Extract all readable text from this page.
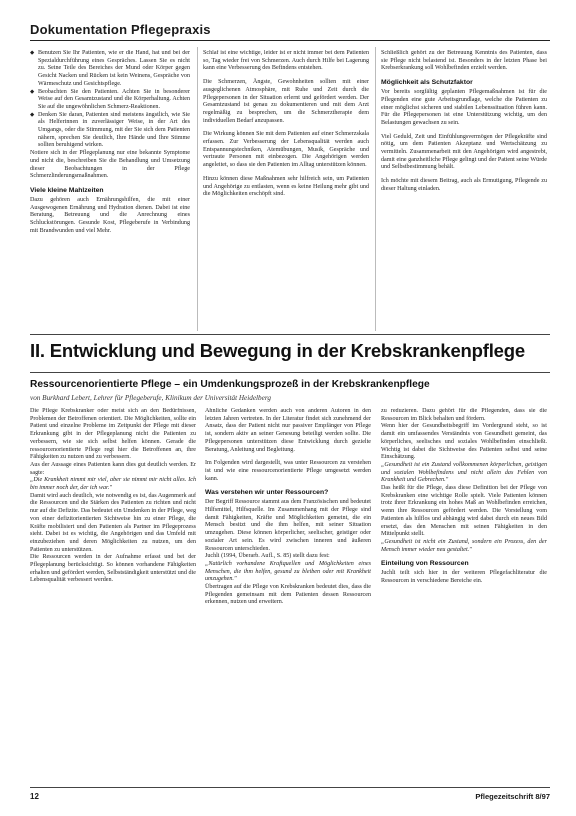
Dokumentation Pflegepraxis
◆ Benutzen Sie Ihr Patienten, wie er die Hand, hat und bei der Spezialdurchführung eines Gespräches. Lassen Sie es nicht zu. Seine Teile des Bereiches der Mund oder Körper gegen Gesicht Nacken und Rücken ist kein Weinens, Gespräche von Wärmeschutz und Gesichtspflege.
◆ Beobachten Sie den Patienten. Achten Sie in besonderer Weise auf den Gesamtzustand und die Körperhaltung. Achten Sie auf die ungewöhnlichen Schmerz-Reaktionen.
◆ Denken Sie daran, Patienten sind meistens ängstlich, wie Sie als Helferinnen in zuverlässiger Weise, in der Art des Umgangs, oder die Stimmung, mit der Sie sich dem Patienten nähern, sprechen Sie deutlich, Ihre Hände und Ihre Stimme sollten beruhigend wirken.

Notiere sich in der Pflegeplanung nur eine bekannte Symptome und nicht die, beschreiben Sie die Behandlung und Umsetzung dieser Beobachtungen in der Pflege Schmerzlinderungsmaßnahmen.

Viele kleine Mahlzeiten

Dazu gehören auch Ernährungshilfen, die mit einer Ausgewogenen Ernährung und Hydration dienen. Dabei ist eine Beratung, Betreuung und die Anrechnung eines Schluckstörungen. Gesunde Kost, Pflegeberufe in Verbindung mit Brandwunden und viel Mehr.

Schlaf ist eine wichtige, leider ist er nicht immer bei dem Patienten so, Tag wieder frei von Schmerzen. Auch durch Hilfe bei Lagerung kann eine Verbesserung des Befindens entstehen.

Die Schmerzen, Ängste, Gewohnheiten sollten mit einer ausgeglichenen Atmosphäre, mit Ruhe und Zeit durch die Pflegepersonen in der Situation erlernt und gefördert werden. Der Gesamtzustand ist genau zu dokumentieren und mit dem Arzt regelmäßig zu besprechen, um die Schmerztherapie dem individuellen Bedarf anzupassen.

Die Wirkung können Sie mit dem Patienten auf einer Schmerzskala erfassen. Zur Verbesserung der Lebensqualität werden auch Entspannungstechniken, Atemübungen, Musik, Gespräche und vertraute Personen mit einbezogen. Die Angehörigen werden angeleitet, so dass sie den Patienten im Alltag unterstützen können.

Hinzu können diese Maßnahmen sehr hilfreich sein, um Patienten und Angehörige zu entlasten, wenn es keine Heilung mehr gibt und die Möglichkeiten erschöpft sind.

Schließlich gehört zu der Betreuung Kenntnis des Patienten, dass sie Pflege nicht belastend ist. Besonders in der letzten Phase bei Krebserkrankung soll Wohlbefinden erzielt werden.

Möglichkeit als Schutzfaktor

Vor bereits sorgfältig geplanten Pflegemaßnahmen ist für die Pflegenden eine gute Arbeitsgrundlage, welche die Patienten zu einer möglichst sicheren und stabilen Lebenssituation führen kann. Für die Pflegepersonen ist eine Unterstützung wichtig, um den Belastungen gewachsen zu sein.

Viel Geduld, Zeit und Einfühlungsvermögen der Pflegekräfte sind nötig, um dem Patienten Akzeptanz und Wertschätzung zu vermitteln. Zusammenarbeit mit den Angehörigen wird angestrebt, damit eine ganzheitliche Pflege gelingt und der Patient seine Würde und Selbstbestimmung behält.

Ich möchte mit diesem Beitrag, auch als Ermutigung, Pflegende zu dieser Haltung einladen.

II. Entwicklung und Bewegung in der Krebskrankenpflege
Ressourcenorientierte Pflege – ein Umdenkungsprozeß in der Krebskrankenpflege
von Burkhard Lebert, Lehrer für Pflegeberufe, Klinikum der Universität Heidelberg

Die Pflege Krebskranker oder meist sich an den Bedürfnissen, Problemen der Betroffenen orientiert. Die Möglichkeiten, sollte ein Patient und einzelne Probleme im Zeitpunkt der Pflege mit dieser Erkrankung gibt in der Pflegeplanung nicht die Patienten zu verbessern, wie sie sich selbst helfen können. Gerade die ressourcenorientierte Pflege regt hier die Betroffenen an, ihre Fähigkeiten zu nutzen und zu verbessern.

Aus der Aussage eines Patienten kann dies gut deutlich werden. Er sagte:

„Die Krankheit nimmt mir viel, aber sie nimmt mir nicht alles. Ich bin immer noch der, der ich war."

Damit wird auch deutlich, wie notwendig es ist, das Augenmerk auf die Ressourcen und die Stärken des Patienten zu richten und nicht nur auf die Defizite. Das bedeutet ein Umdenken in der Pflege, weg von einer defizitorientierten Sichtweise hin zu einer Pflege, die Kräfte mobilisiert und den Patienten als Partner im Pflegeprozess sieht. Dabei ist es wichtig, die Angehörigen und das Umfeld mit einzubeziehen und deren Möglichkeiten zu nutzen, um den Patienten zu unterstützen.

Die Ressourcen werden in der Aufnahme erfasst und bei der Pflegeplanung berücksichtigt. So können vorhandene Fähigkeiten erhalten und gefördert werden, Selbstständigkeit unterstützt und die Lebensqualität verbessert werden.

Ähnliche Gedanken werden auch von anderen Autoren in den letzten Jahren vertreten. In der Literatur findet sich zunehmend der Ansatz, dass der Patient nicht nur passiver Empfänger von Pflege ist, sondern aktiv an seiner Genesung beteiligt werden sollte. Die Pflegepersonen unterstützen diese Entwicklung durch gezielte Beratung, Anleitung und Begleitung.

Im Folgenden wird dargestellt, was unter Ressourcen zu verstehen ist und wie eine ressourcenorientierte Pflege umgesetzt werden kann.

Was verstehen wir unter Ressourcen?

Der Begriff Ressource stammt aus dem Französischen und bedeutet Hilfsmittel, Hilfsquelle. Im Zusammenhang mit der Pflege sind damit Fähigkeiten, Kräfte und Möglichkeiten gemeint, die ein Mensch besitzt und die ihm helfen, mit seiner Situation umzugehen. Diese können körperlicher, seelischer, geistiger oder sozialer Art sein. Es wird zwischen inneren und äußeren Ressourcen unterschieden.

Juchli (1994, Überarb. Aufl., S. 85) stellt dazu fest:

„Natürlich vorhandene Kraftquellen und Möglichkeiten eines Menschen, die ihm helfen, gesund zu bleiben oder mit Krankheit umzugehen."

Übertragen auf die Pflege von Krebskranken bedeutet dies, dass die Pflegenden gemeinsam mit dem Patienten dessen Ressourcen erkennen, nutzen und erweitern.

zu reduzieren. Dazu gehört für die Pflegenden, dass sie die Ressourcen im Blick behalten und fördern.

Wenn hier der Gesundheitsbegriff im Vordergrund steht, so ist damit ein umfassendes Verständnis von Gesundheit gemeint, das körperliches, seelisches und soziales Wohlbefinden einschließt. Wichtig ist dabei die Sichtweise des Patienten selbst und seine Einschätzung.

„Gesundheit ist ein Zustand vollkommenen körperlichen, geistigen und sozialen Wohlbefindens und nicht allein das Fehlen von Krankheit und Gebrechen."

Das heißt für die Pflege, dass diese Definition bei der Pflege von Krebskranken eine wichtige Rolle spielt. Viele Patienten können trotz ihrer Erkrankung ein hohes Maß an Wohlbefinden erreichen, wenn ihre Ressourcen gefördert werden. Die Vorstellung vom Patienten als hilflos und abhängig wird dabei durch ein neues Bild ersetzt, das den Menschen mit seinen Fähigkeiten in den Mittelpunkt stellt.

„Gesundheit ist nicht ein Zustand, sondern ein Prozess, den der Mensch immer wieder neu gestaltet."

Einteilung von Ressourcen

Juchli teilt sich hier in der weiteren Pflegefachliteratur die Ressourcen in verschiedene Bereiche ein.

12	Pflegezeitschrift 8/97
